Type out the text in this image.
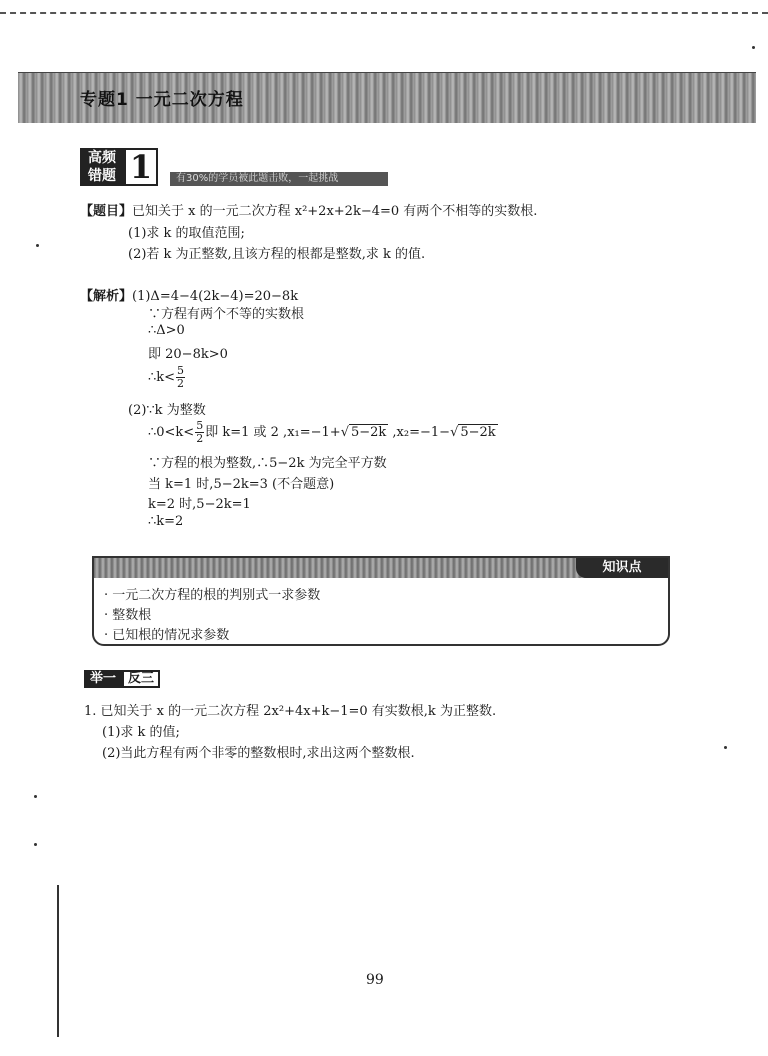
专题1 一元二次方程
高频
错题 1	有30%的学员被此题击败，一起挑战
【题目】已知关于 x 的一元二次方程 x²+2x+2k−4=0 有两个不相等的实数根.
(1)求 k 的取值范围;
(2)若 k 为正整数,且该方程的根都是整数,求 k 的值.
【解析】(1)Δ=4−4(2k−4)=20−8k
∵方程有两个不等的实数根
∴Δ>0
即 20−8k>0
∴k< $\frac{5}{2}$
(2)∵k 为整数
∴0<k< $\frac{5}{2}$ 即 k=1 或 2 ,x₁=−1+√ 5−2k ,x₂=−1−√ 5−2k
∵方程的根为整数,∴5−2k 为完全平方数
当 k=1 时,5−2k=3 (不合题意)
k=2 时,5−2k=1
∴k=2
知识点
· 一元二次方程的根的判别式一求参数
· 整数根
· 已知根的情况求参数
举一 反三
1. 已知关于 x 的一元二次方程 2x²+4x+k−1=0 有实数根,k 为正整数.
(1)求 k 的值;
(2)当此方程有两个非零的整数根时,求出这两个整数根.
99
